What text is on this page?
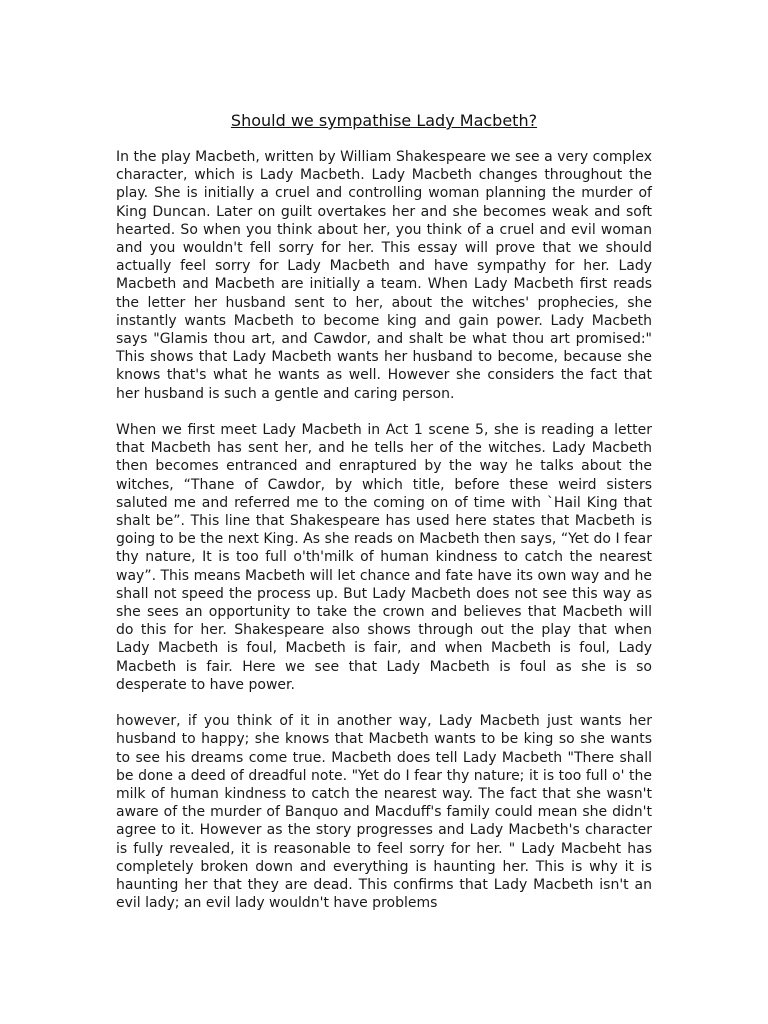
Should we sympathise Lady Macbeth?

In the play Macbeth, written by William Shakespeare we see a very complex character, which is Lady Macbeth. Lady Macbeth changes throughout the play. She is initially a cruel and controlling woman planning the murder of King Duncan. Later on guilt overtakes her and she becomes weak and soft hearted. So when you think about her, you think of a cruel and evil woman and you wouldn't fell sorry for her. This essay will prove that we should actually feel sorry for Lady Macbeth and have sympathy for her. Lady Macbeth and Macbeth are initially a team. When Lady Macbeth first reads the letter her husband sent to her, about the witches' prophecies, she instantly wants Macbeth to become king and gain power. Lady Macbeth says "Glamis thou art, and Cawdor, and shalt be what thou art promised:" This shows that Lady Macbeth wants her husband to become, because she knows that's what he wants as well. However she considers the fact that her husband is such a gentle and caring person.

When we first meet Lady Macbeth in Act 1 scene 5, she is reading a letter that Macbeth has sent her, and he tells her of the witches. Lady Macbeth then becomes entranced and enraptured by the way he talks about the witches, “Thane of Cawdor, by which title, before these weird sisters saluted me and referred me to the coming on of time with `Hail King that shalt be”. This line that Shakespeare has used here states that Macbeth is going to be the next King. As she reads on Macbeth then says, “Yet do I fear thy nature, It is too full o'th'milk of human kindness to catch the nearest way”. This means Macbeth will let chance and fate have its own way and he shall not speed the process up. But Lady Macbeth does not see this way as she sees an opportunity to take the crown and believes that Macbeth will do this for her. Shakespeare also shows through out the play that when Lady Macbeth is foul, Macbeth is fair, and when Macbeth is foul, Lady Macbeth is fair. Here we see that Lady Macbeth is foul as she is so desperate to have power.

however, if you think of it in another way, Lady Macbeth just wants her husband to happy; she knows that Macbeth wants to be king so she wants to see his dreams come true. Macbeth does tell Lady Macbeth "There shall be done a deed of dreadful note. "Yet do I fear thy nature; it is too full o' the milk of human kindness to catch the nearest way. The fact that she wasn't aware of the murder of Banquo and Macduff's family could mean she didn't agree to it. However as the story progresses and Lady Macbeth's character is fully revealed, it is reasonable to feel sorry for her. " Lady Macbeht has completely broken down and everything is haunting her. This is why it is haunting her that they are dead. This confirms that Lady Macbeth isn't an evil lady; an evil lady wouldn't have problems
